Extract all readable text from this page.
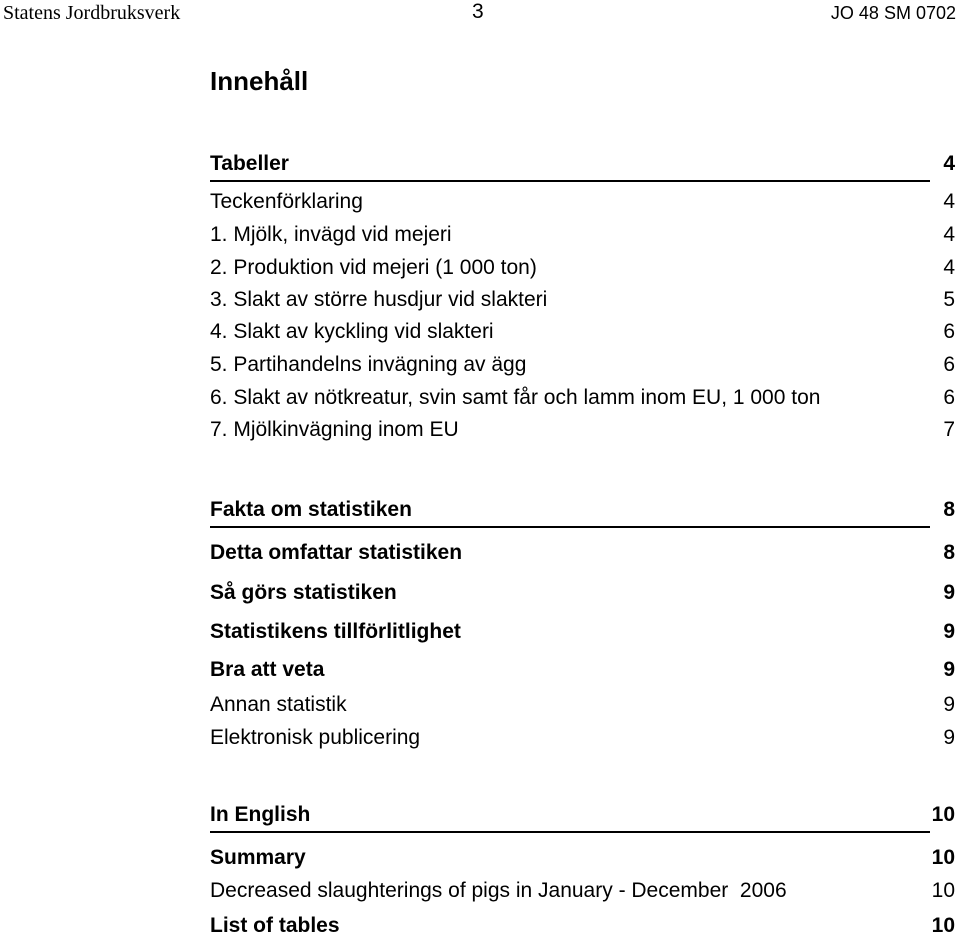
Statens Jordbruksverk	3	JO 48 SM 0702
Innehåll
Tabeller	4
Teckenförklaring	4
1. Mjölk, invägd vid mejeri	4
2. Produktion vid mejeri (1 000 ton)	4
3. Slakt av större husdjur vid slakteri	5
4. Slakt av kyckling vid slakteri	6
5. Partihandelns invägning av ägg	6
6. Slakt av nötkreatur, svin samt får och lamm inom EU, 1 000 ton	6
7. Mjölkinvägning inom EU	7
Fakta om statistiken	8
Detta omfattar statistiken	8
Så görs statistiken	9
Statistikens tillförlitlighet	9
Bra att veta	9
Annan statistik	9
Elektronisk publicering	9
In English	10
Summary	10
Decreased slaughterings of pigs in January - December  2006	10
List of tables	10
